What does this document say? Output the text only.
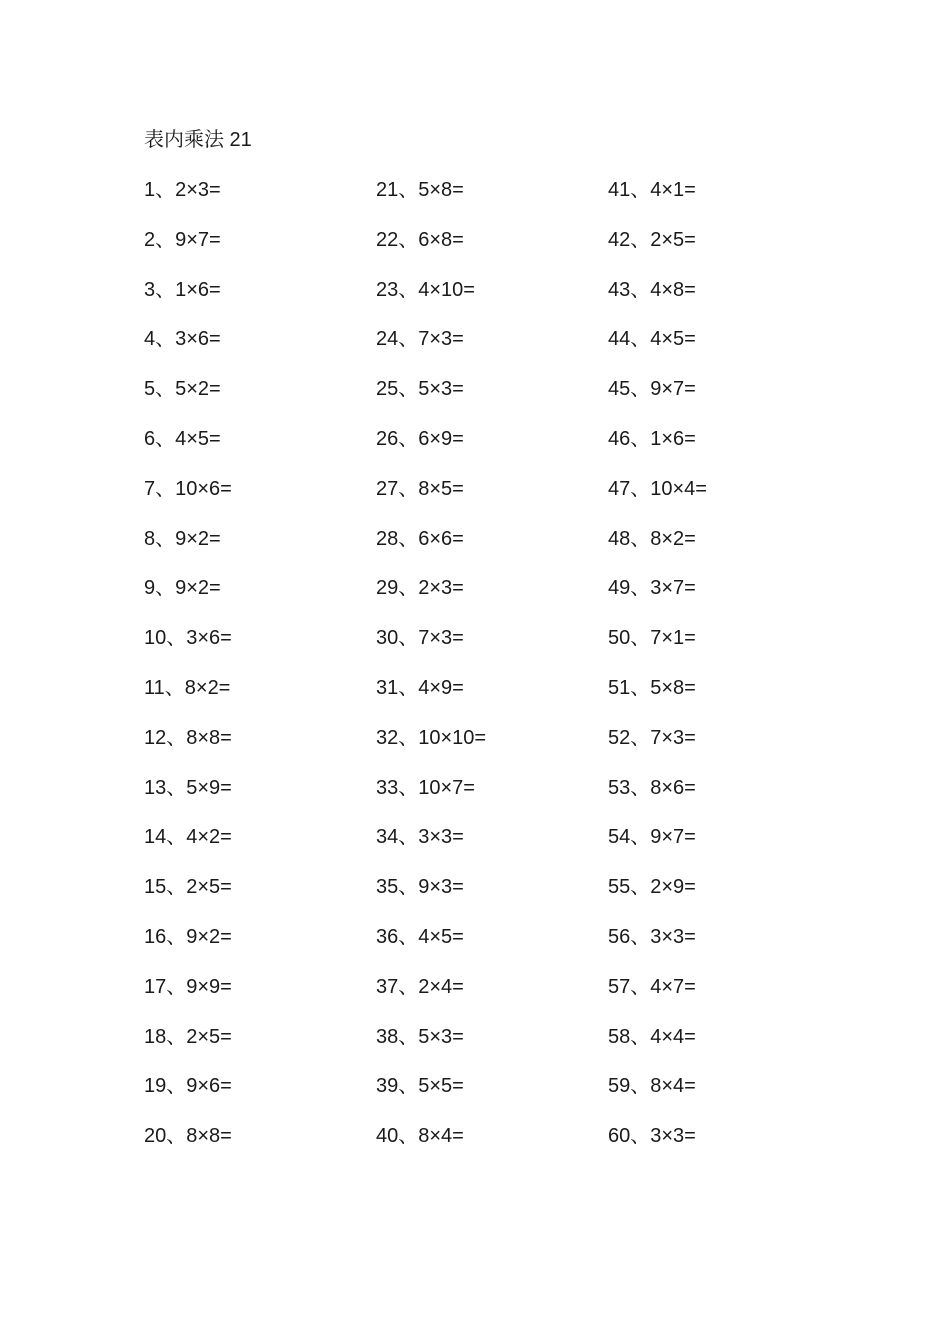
表内乘法 21
1、2×3=
2、9×7=
3、1×6=
4、3×6=
5、5×2=
6、4×5=
7、10×6=
8、9×2=
9、9×2=
10、3×6=
11、8×2=
12、8×8=
13、5×9=
14、4×2=
15、2×5=
16、9×2=
17、9×9=
18、2×5=
19、9×6=
20、8×8=
21、5×8=
22、6×8=
23、4×10=
24、7×3=
25、5×3=
26、6×9=
27、8×5=
28、6×6=
29、2×3=
30、7×3=
31、4×9=
32、10×10=
33、10×7=
34、3×3=
35、9×3=
36、4×5=
37、2×4=
38、5×3=
39、5×5=
40、8×4=
41、4×1=
42、2×5=
43、4×8=
44、4×5=
45、9×7=
46、1×6=
47、10×4=
48、8×2=
49、3×7=
50、7×1=
51、5×8=
52、7×3=
53、8×6=
54、9×7=
55、2×9=
56、3×3=
57、4×7=
58、4×4=
59、8×4=
60、3×3=
